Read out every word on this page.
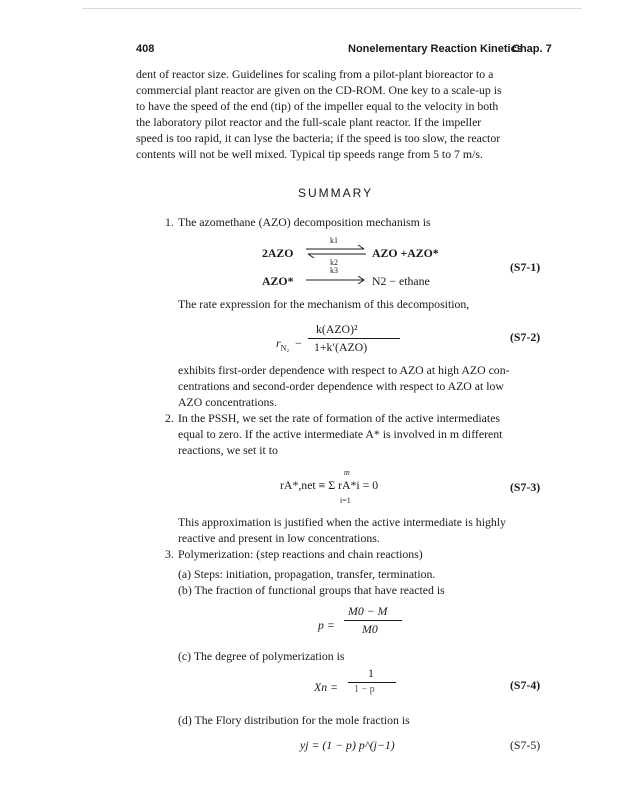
408	Nonelementary Reaction Kinetics
Chap. 7
dent of reactor size. Guidelines for scaling from a pilot-plant bioreactor to a
commercial plant reactor are given on the CD-ROM. One key to a scale-up is
to have the speed of the end (tip) of the impeller equal to the velocity in both
the laboratory pilot reactor and the full-scale plant reactor. If the impeller
speed is too rapid, it can lyse the bacteria; if the speed is too slow, the reactor
contents will not be well mixed. Typical tip speeds range from 5 to 7 m/s.
SUMMARY
1. The azomethane (AZO) decomposition mechanism is
2AZO ⇌
k1
k2
AZO +AZO*
AZO*
k3
N2 − ethane
(S7-1)
The rate expression for the mechanism of this decomposition,
$r_{N_2}$  −
k(AZO)²
1+k′(AZO)
(S7-2)
exhibits first-order dependence with respect to AZO at high AZO con-
centrations and second-order dependence with respect to AZO at low
AZO concentrations.
2. In the PSSH, we set the rate of formation of the active intermediates
equal to zero. If the active intermediate A* is involved in m different
reactions, we set it to
m
rA*,net ≡ Σ rA*i = 0
i=1
(S7-3)
This approximation is justified when the active intermediate is highly
reactive and present in low concentrations.
3. Polymerization: (step reactions and chain reactions)
(a) Steps: initiation, propagation, transfer, termination.
(b) The fraction of functional groups that have reacted is
p =
M0 − M
M0
(c) The degree of polymerization is
Xn =
1
1 − p	(S7-4)
(d) The Flory distribution for the mole fraction is
yj = (1 − p) p^(j−1)	(S7-5)
